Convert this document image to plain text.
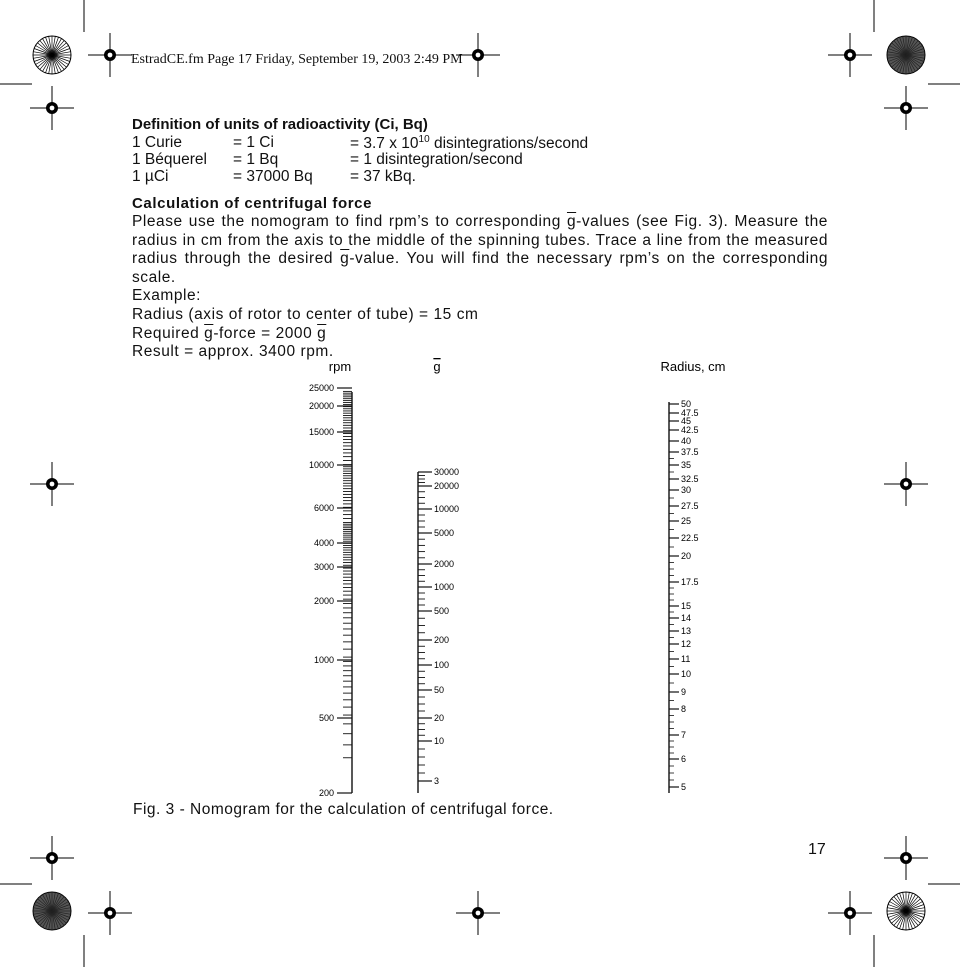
EstradCE.fm Page 17 Friday, September 19, 2003 2:49 PM
Definition of units of radioactivity (Ci, Bq)
1 Curie	= 1 Ci	= 3.7 x $10^{10}$ disintegrations/second
1 Béquerel = 1 Bq	= 1 disintegration/second
1 µCi	= 37000 Bq = 37 kBq.
Calculation of centrifugal force

Please use the nomogram to find rpm’s to corresponding $\overline{g}$-values (see Fig. 3). Measure the radius in cm from the axis to the middle of the spinning tubes. Trace a line from the measured radius through the desired $\overline{g}$-value. You will find the necessary rpm’s on the corresponding scale.

Example:

Radius (axis of rotor to center of tube) = 15 cm

Required $\overline{g}$-force = 2000 $\overline{g}$

Result = approx. 3400 rpm.

rpm	g	Radius, cm
25000
20000
15000
10000
6000
4000
3000
2000
1000
500
200
30000
20000
10000
5000
2000
1000
500
200
100
50
20
10
3
50
47.5
45
42.5
40
37.5
35
32.5
30
27.5
25
22.5
20
17.5
15
14
13
12
11
10
9
8
7
6
5
Fig. 3 - Nomogram for the calculation of centrifugal force.
17
